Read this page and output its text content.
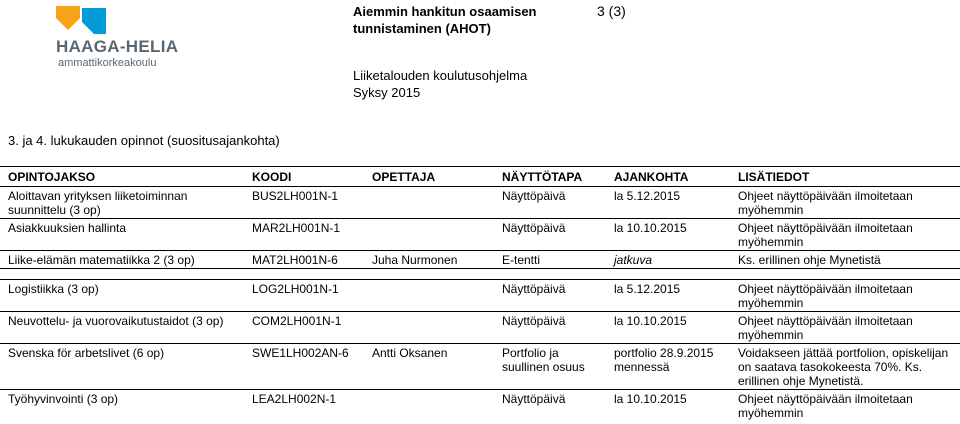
HAAGA-HELIA
ammattikorkeakoulu
Aiemmin hankitun osaamisen tunnistaminen (AHOT)
3 (3)
Liiketalouden koulutusohjelma
Syksy 2015
3. ja 4. lukukauden opinnot (suositusajankohta)
OPINTOJAKSO	KOODI	OPETTAJA	NÄYTTÖTAPA	AJANKOHTA	LISÄTIEDOT
Aloittavan yrityksen liiketoiminnan suunnittelu (3 op)	BUS2LH001N-1		Näyttöpäivä	la 5.12.2015	Ohjeet näyttöpäivään ilmoitetaan myöhemmin
Asiakkuuksien hallinta	MAR2LH001N-1		Näyttöpäivä	la 10.10.2015	Ohjeet näyttöpäivään ilmoitetaan myöhemmin
Liike-elämän matematiikka 2 (3 op)	MAT2LH001N-6	Juha Nurmonen	E-tentti	jatkuva	Ks. erillinen ohje Mynetistä

Logistiikka (3 op)	LOG2LH001N-1		Näyttöpäivä	la 5.12.2015	Ohjeet näyttöpäivään ilmoitetaan myöhemmin
Neuvottelu- ja vuorovaikutustaidot (3 op)	COM2LH001N-1		Näyttöpäivä	la 10.10.2015	Ohjeet näyttöpäivään ilmoitetaan myöhemmin
Svenska för arbetslivet (6 op)	SWE1LH002AN-6	Antti Oksanen	Portfolio ja suullinen osuus	portfolio 28.9.2015 mennessä	Voidakseen jättää portfolion, opiskelijan on saatava tasokokeesta 70%. Ks. erillinen ohje Mynetistä.
Työhyvinvointi (3 op)	LEA2LH002N-1		Näyttöpäivä	la 10.10.2015	Ohjeet näyttöpäivään ilmoitetaan myöhemmin
